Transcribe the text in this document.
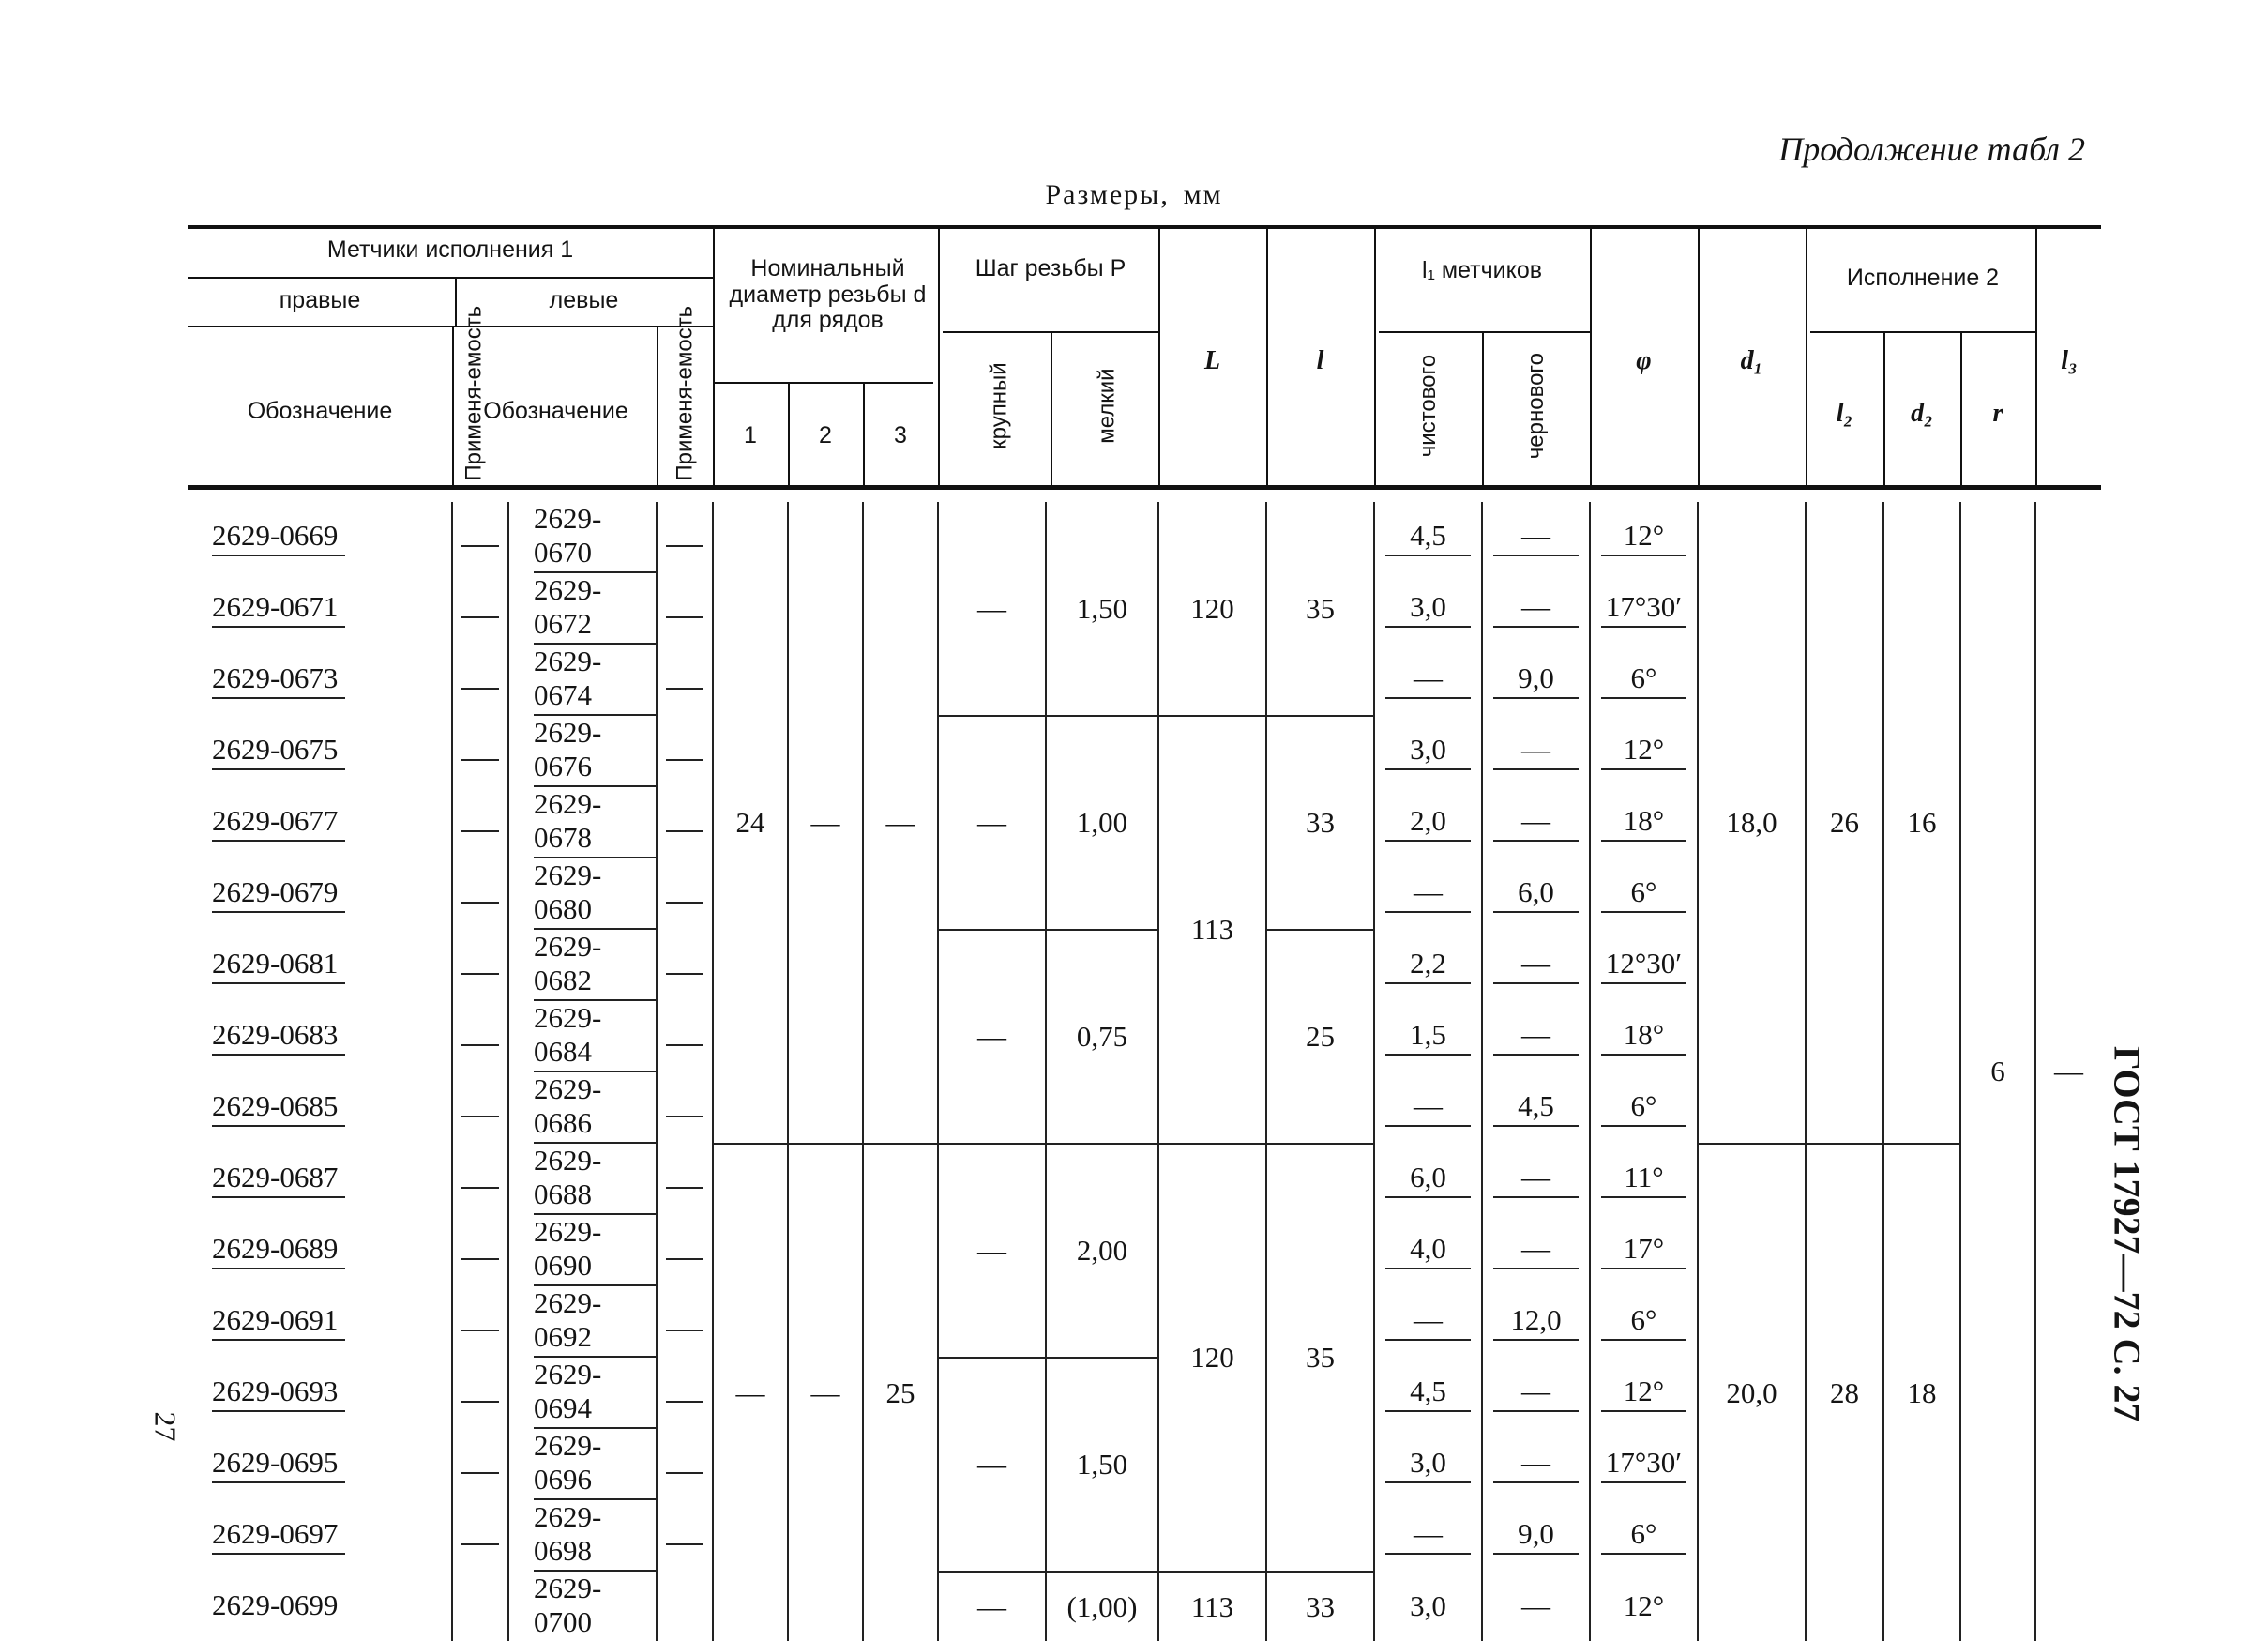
Продолжение табл 2
Размеры, мм
Метчики исполнения 1
правые	левые
Обозначение	Применя-емость
Обозначение	Применя-емость
Номинальный диаметр резьбы d для рядов
1	2	3
Шаг резьбы P
крупный	мелкий
L	l
l₁ метчиков
чистового	чернового	φ	d₁
Исполнение 2
l₂	d₂	r
l₃
2629-0669		2629-0670		24	—	—	—	1,50	120	35	4,5	—	12°	18,0	26	16	6	—
2629-0671		2629-0672									3,0	—	17°30′					
2629-0673		2629-0674									—	9,0	6°					
2629-0675		2629-0676					—	1,00	113	33	3,0	—	12°					
2629-0677		2629-0678									2,0	—	18°					
2629-0679		2629-0680									—	6,0	6°					
2629-0681		2629-0682					—	0,75		25	2,2	—	12°30′					
2629-0683		2629-0684									1,5	—	18°					
2629-0685		2629-0686									—	4,5	6°					
2629-0687		2629-0688		—	—	25	—	2,00	120	35	6,0	—	11°	20,0	28	18		
2629-0689		2629-0690									4,0	—	17°					
2629-0691		2629-0692									—	12,0	6°					
2629-0693		2629-0694					—	1,50			4,5	—	12°					
2629-0695		2629-0696									3,0	—	17°30′					
2629-0697		2629-0698									—	9,0	6°					
2629-0699		2629-0700					—	(1,00)	113	33	3,0	—	12°					
27
ГОСТ 17927—72 С. 27
